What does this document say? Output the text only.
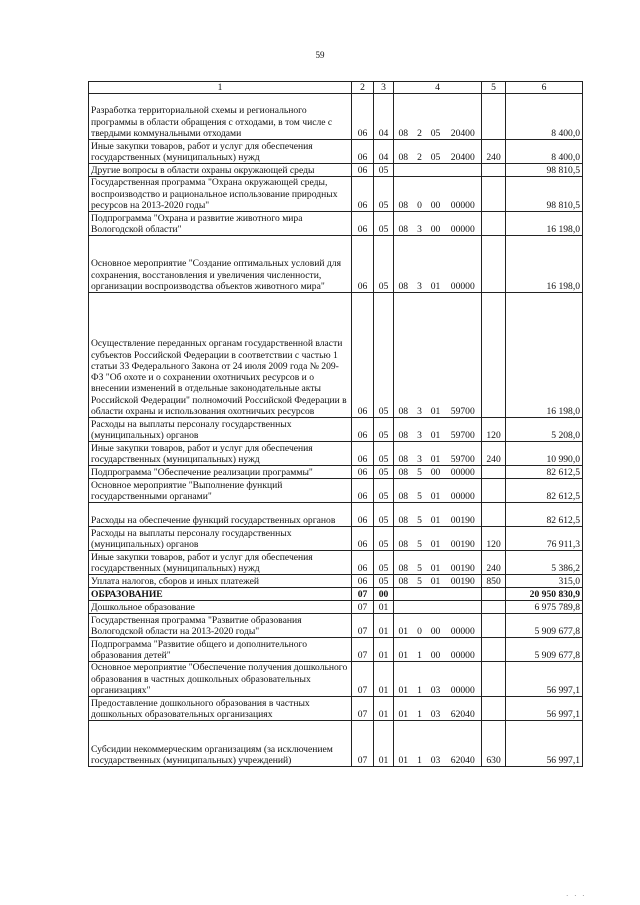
59
1	2	3	4				5	6
Разработка территориальной схемы и регионального программы в области обращения с отходами, в том числе с твердыми коммунальными отходами	06	04	08	2	05	20400		8 400,0
Иные закупки товаров, работ и услуг для обеспечения государственных (муниципальных) нужд	06	04	08	2	05	20400	240	8 400,0
Другие вопросы в области охраны окружающей среды	06	05						98 810,5
Государственная программа "Охрана окружающей среды, воспроизводство и рациональное использование природных ресурсов на 2013-2020 годы"	06	05	08	0	00	00000		98 810,5
Подпрограмма "Охрана и развитие животного мира Вологодской области"	06	05	08	3	00	00000		16 198,0
Основное мероприятие "Создание оптимальных условий для сохранения, восстановления и увеличения численности, организации воспроизводства объектов животного мира"	06	05	08	3	01	00000		16 198,0
Осуществление переданных органам государственной власти субъектов Российской Федерации в соответствии с частью 1 статьи 33 Федерального Закона от 24 июля 2009 года № 209-ФЗ "Об охоте и о сохранении охотничьих ресурсов и о внесении изменений в отдельные законодательные акты Российской Федерации" полномочий Российской Федерации в области охраны и использования охотничьих ресурсов	06	05	08	3	01	59700		16 198,0
Расходы на выплаты персоналу государственных (муниципальных) органов	06	05	08	3	01	59700	120	5 208,0
Иные закупки товаров, работ и услуг для обеспечения государственных (муниципальных) нужд	06	05	08	3	01	59700	240	10 990,0
Подпрограмма "Обеспечение реализации программы"	06	05	08	5	00	00000		82 612,5
Основное мероприятие "Выполнение функций государственными органами"	06	05	08	5	01	00000		82 612,5
Расходы на обеспечение функций государственных органов	06	05	08	5	01	00190		82 612,5
Расходы на выплаты персоналу государственных (муниципальных) органов	06	05	08	5	01	00190	120	76 911,3
Иные закупки товаров, работ и услуг для обеспечения государственных (муниципальных) нужд	06	05	08	5	01	00190	240	5 386,2
Уплата налогов, сборов и иных платежей	06	05	08	5	01	00190	850	315,0
ОБРАЗОВАНИЕ	07	00						20 950 830,9
Дошкольное образование	07	01						6 975 789,8
Государственная программа "Развитие образования Вологодской области на 2013-2020 годы"	07	01	01	0	00	00000		5 909 677,8
Подпрограмма "Развитие общего и дополнительного образования детей"	07	01	01	1	00	00000		5 909 677,8
Основное мероприятие "Обеспечение получения дошкольного образования в частных дошкольных образовательных организациях"	07	01	01	1	03	00000		56 997,1
Предоставление дошкольного образования в частных дошкольных образовательных организациях	07	01	01	1	03	62040		56 997,1
Субсидии некоммерческим организациям (за исключением государственных (муниципальных) учреждений)	07	01	01	1	03	62040	630	56 997,1
· · ·
